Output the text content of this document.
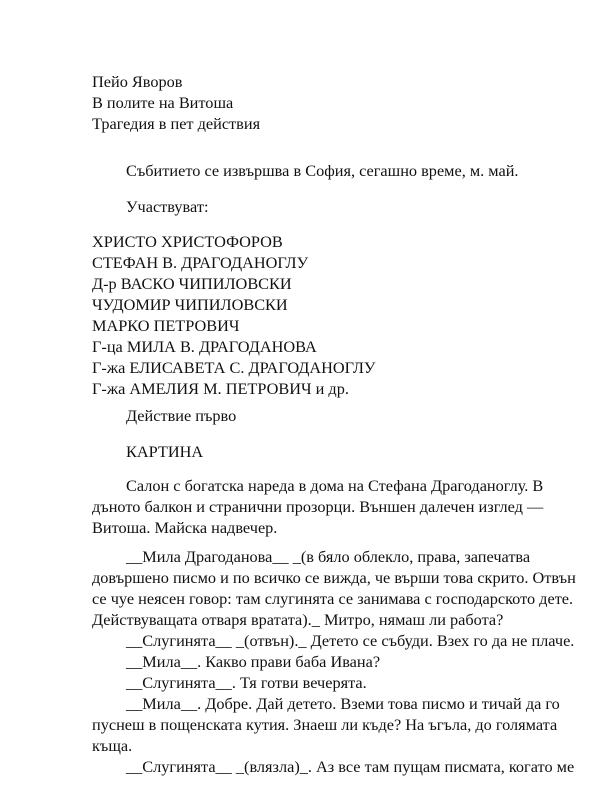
Пейо Яворов
В полите на Витоша
Трагедия в пет действия
Събитието се извършва в София, сегашно време, м. май.
Участвуват:
ХРИСТО ХРИСТОФОРОВ
СТЕФАН В. ДРАГОДАНОГЛУ
Д-р ВАСКО ЧИПИЛОВСКИ
ЧУДОМИР ЧИПИЛОВСКИ
МАРКО ПЕТРОВИЧ
Г-ца МИЛА В. ДРАГОДАНОВА
Г-жа ЕЛИСАВЕТА С. ДРАГОДАНОГЛУ
Г-жа АМЕЛИЯ М. ПЕТРОВИЧ и др.
Действие първо
КАРТИНА
Салон с богатска нареда в дома на Стефана Драгоданоглу. В
дъното балкон и странични прозорци. Външен далечен изглед —
Витоша. Майска надвечер.
__Мила Драгоданова__ _(в бяло облекло, права, запечатва
довършено писмо и по всичко се вижда, че върши това скрито. Отвън
се чуе неясен говор: там слугинята се занимава с господарското дете.
Действуващата отваря вратата)._ Митро, нямаш ли работа?
__Слугинята__ _(отвън)._ Детето се събуди. Взех го да не плаче.
__Мила__. Какво прави баба Ивана?
__Слугинята__. Тя готви вечерята.
__Мила__. Добре. Дай детето. Вземи това писмо и тичай да го
пуснеш в пощенската кутия. Знаеш ли къде? На ъгъла, до голямата
къща.
__Слугинята__ _(влязла)_. Аз все там пущам писмата, когато ме
